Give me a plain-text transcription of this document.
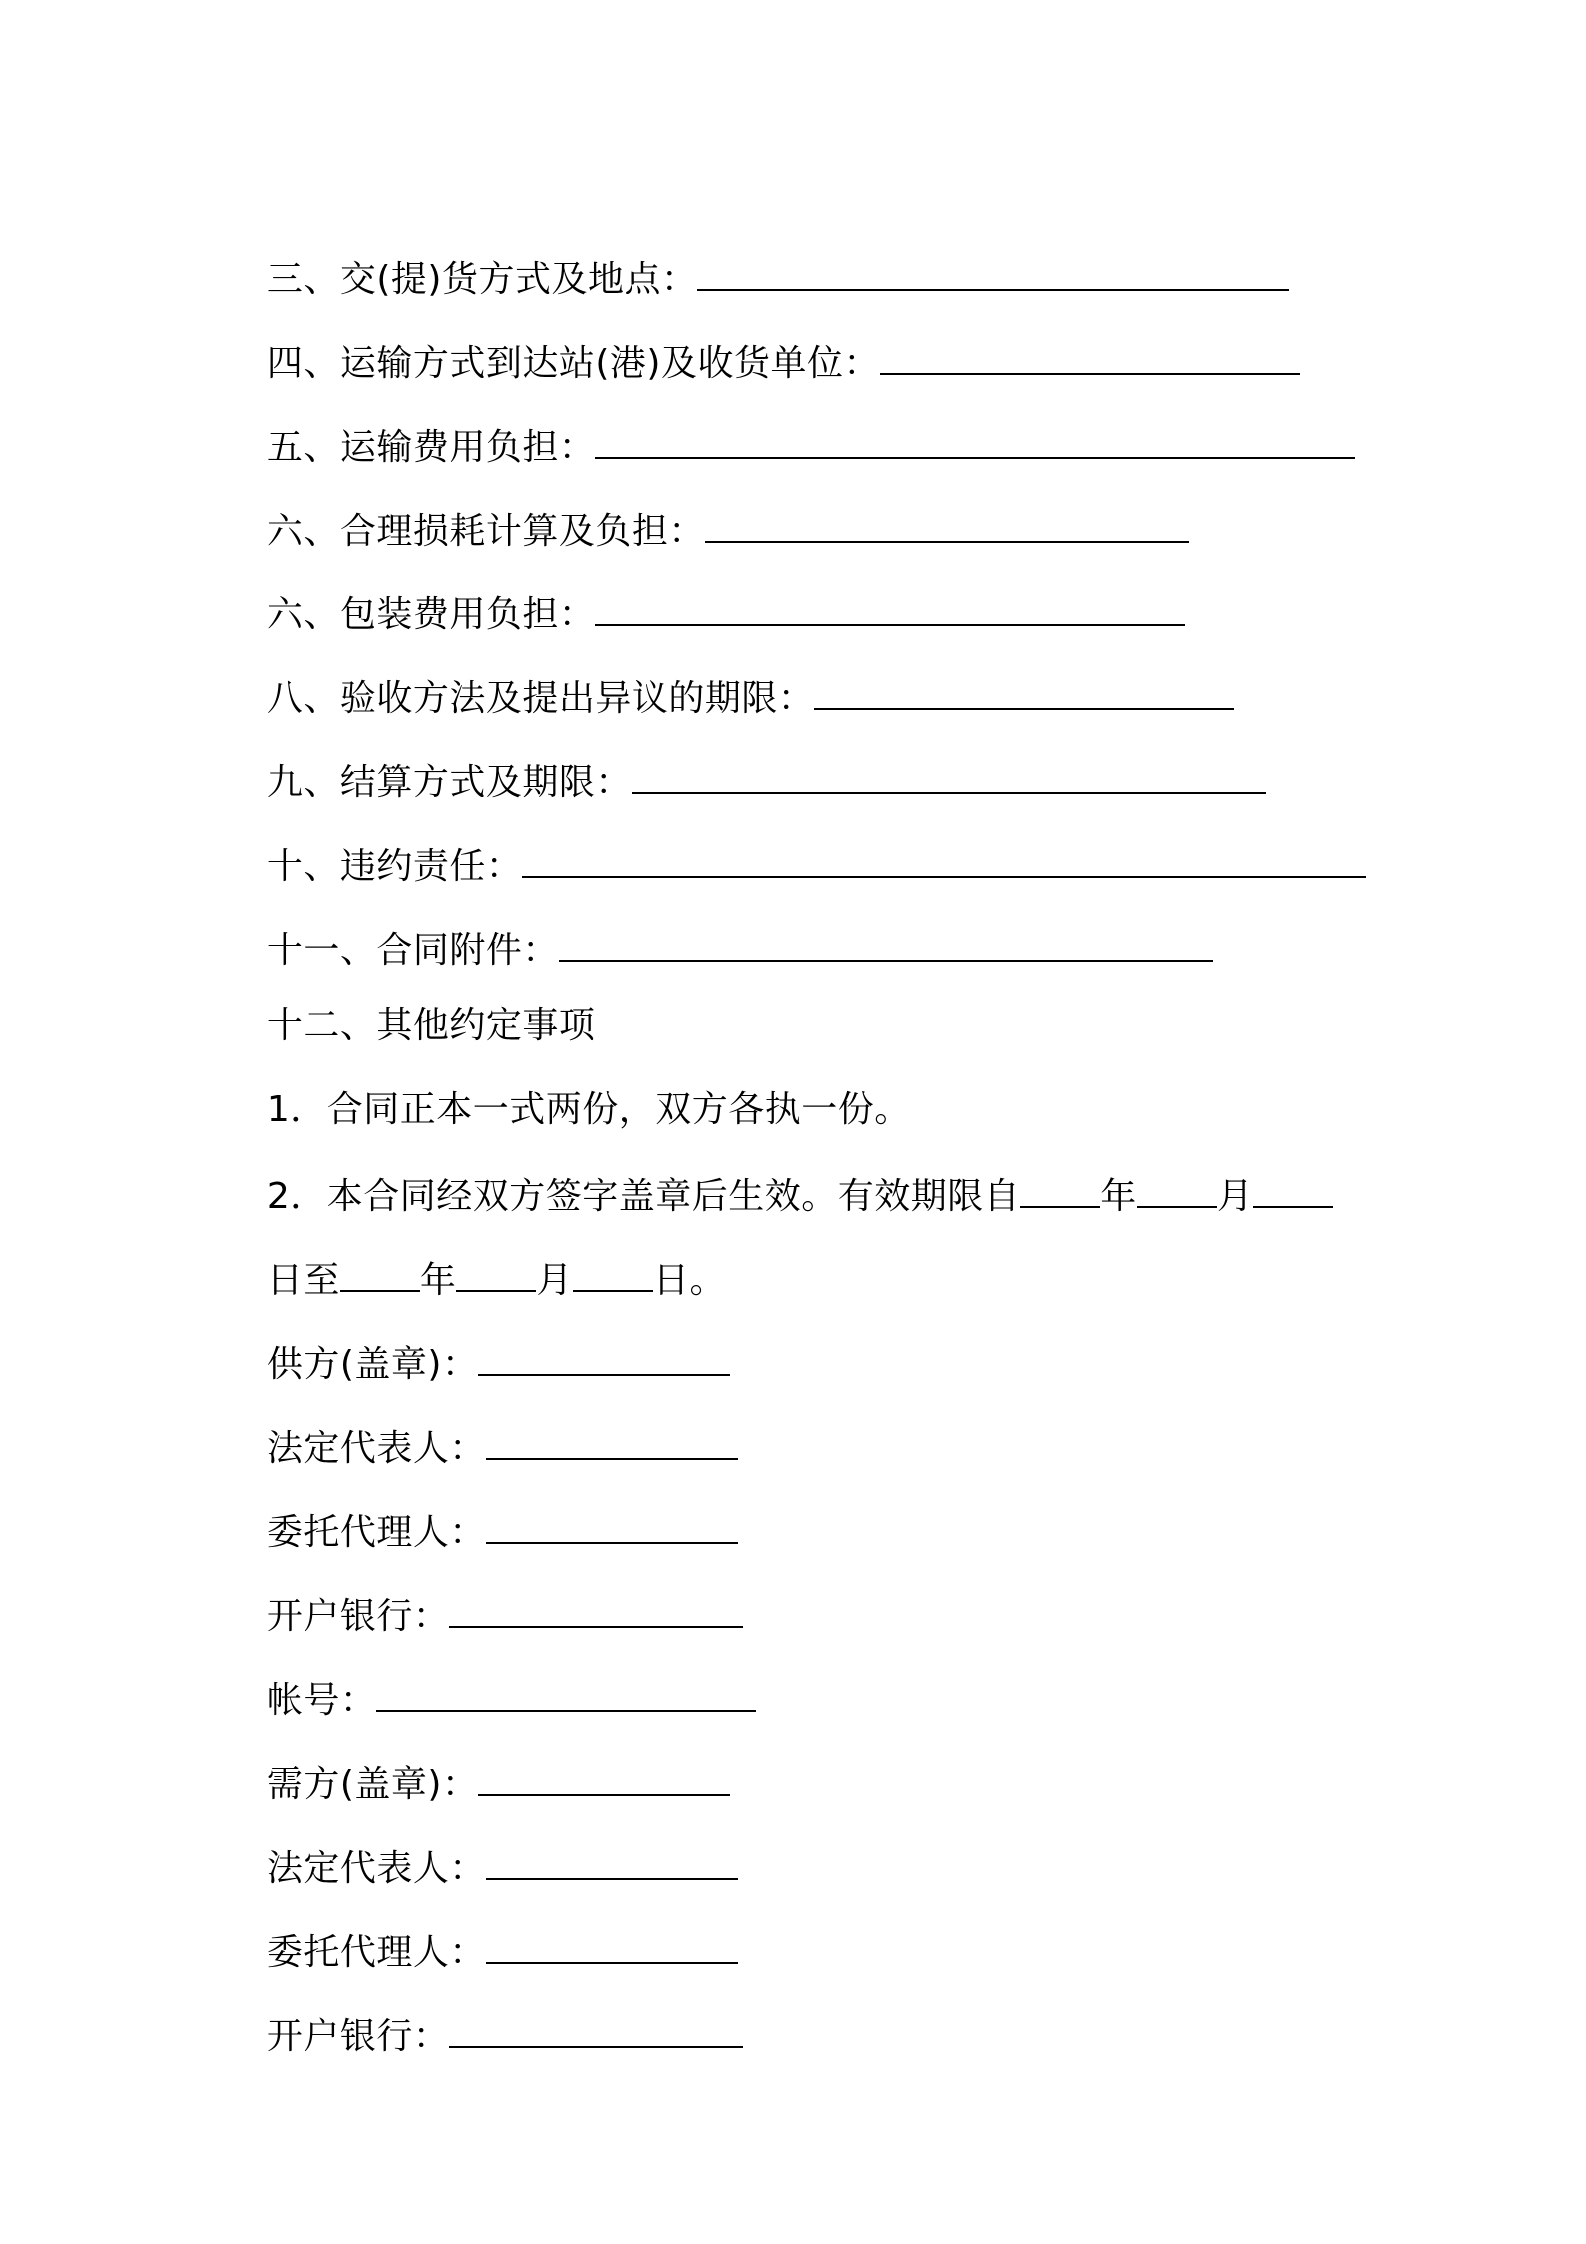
三、交(提)货方式及地点：

四、运输方式到达站(港)及收货单位：

五、运输费用负担：

六、合理损耗计算及负担：

六、包装费用负担：

八、验收方法及提出异议的期限：

九、结算方式及期限：

十、违约责任：

十一、合同附件：

十二、其他约定事项

1．合同正本一式两份，双方各执一份。

2．本合同经双方签字盖章后生效。有效期限自 年 月

日至 年 月 日。

供方(盖章)：

法定代表人：

委托代理人：

开户银行：

帐号：

需方(盖章)：

法定代表人：

委托代理人：

开户银行：
